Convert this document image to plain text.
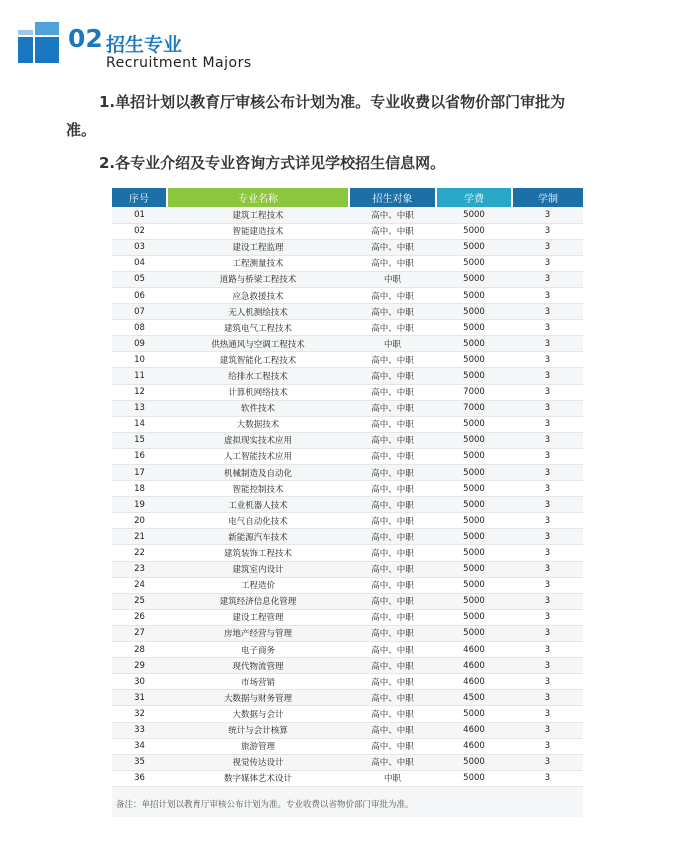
02 招生专业
Recruitment Majors
1.单招计划以教育厅审核公布计划为准。专业收费以省物价部门审批为
准。
2.各专业介绍及专业咨询方式详见学校招生信息网。
序号	专业名称	招生对象	学费	学制
01	建筑工程技术	高中、中职	5000	3
02	智能建造技术	高中、中职	5000	3
03	建设工程监理	高中、中职	5000	3
04	工程测量技术	高中、中职	5000	3
05	道路与桥梁工程技术	中职	5000	3
06	应急救援技术	高中、中职	5000	3
07	无人机测绘技术	高中、中职	5000	3
08	建筑电气工程技术	高中、中职	5000	3
09	供热通风与空调工程技术	中职	5000	3
10	建筑智能化工程技术	高中、中职	5000	3
11	给排水工程技术	高中、中职	5000	3
12	计算机网络技术	高中、中职	7000	3
13	软件技术	高中、中职	7000	3
14	大数据技术	高中、中职	5000	3
15	虚拟现实技术应用	高中、中职	5000	3
16	人工智能技术应用	高中、中职	5000	3
17	机械制造及自动化	高中、中职	5000	3
18	智能控制技术	高中、中职	5000	3
19	工业机器人技术	高中、中职	5000	3
20	电气自动化技术	高中、中职	5000	3
21	新能源汽车技术	高中、中职	5000	3
22	建筑装饰工程技术	高中、中职	5000	3
23	建筑室内设计	高中、中职	5000	3
24	工程造价	高中、中职	5000	3
25	建筑经济信息化管理	高中、中职	5000	3
26	建设工程管理	高中、中职	5000	3
27	房地产经营与管理	高中、中职	5000	3
28	电子商务	高中、中职	4600	3
29	现代物流管理	高中、中职	4600	3
30	市场营销	高中、中职	4600	3
31	大数据与财务管理	高中、中职	4500	3
32	大数据与会计	高中、中职	5000	3
33	统计与会计核算	高中、中职	4600	3
34	旅游管理	高中、中职	4600	3
35	视觉传达设计	高中、中职	5000	3
36	数字媒体艺术设计	中职	5000	3
备注：单招计划以教育厅审核公布计划为准。专业收费以省物价部门审批为准。
